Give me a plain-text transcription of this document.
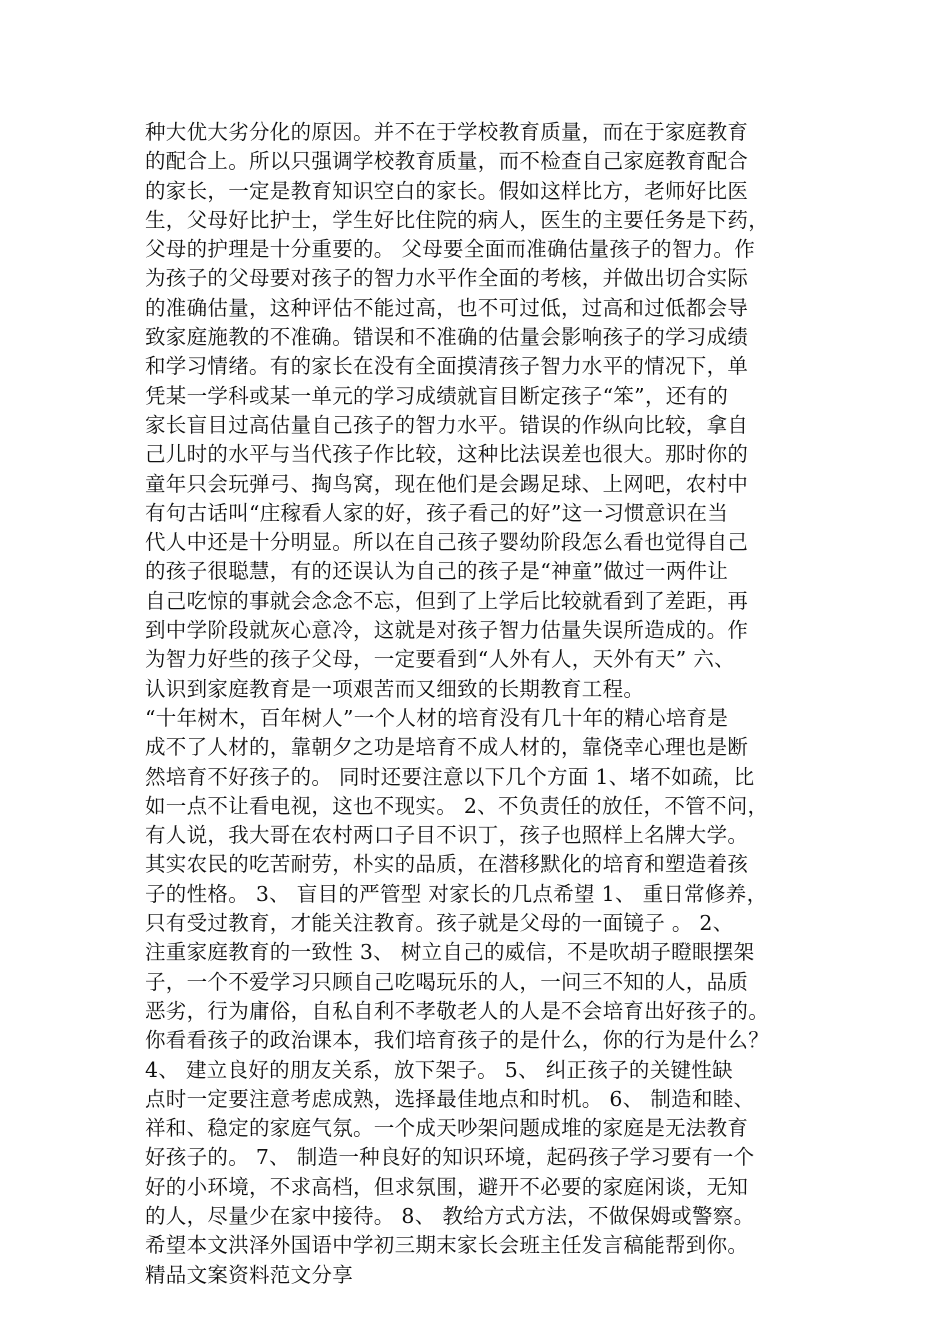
种大优大劣分化的原因。并不在于学校教育质量，而在于家庭教育
的配合上。所以只强调学校教育质量，而不检查自己家庭教育配合
的家长，一定是教育知识空白的家长。假如这样比方，老师好比医
生，父母好比护士，学生好比住院的病人，医生的主要任务是下药，
父母的护理是十分重要的。 父母要全面而准确估量孩子的智力。作
为孩子的父母要对孩子的智力水平作全面的考核，并做出切合实际
的准确估量，这种评估不能过高，也不可过低，过高和过低都会导
致家庭施教的不准确。错误和不准确的估量会影响孩子的学习成绩
和学习情绪。有的家长在没有全面摸清孩子智力水平的情况下，单
凭某一学科或某一单元的学习成绩就盲目断定孩子“笨”，还有的
家长盲目过高估量自己孩子的智力水平。错误的作纵向比较，拿自
己儿时的水平与当代孩子作比较，这种比法误差也很大。那时你的
童年只会玩弹弓、掏鸟窝，现在他们是会踢足球、上网吧，农村中
有句古话叫“庄稼看人家的好，孩子看己的好”这一习惯意识在当
代人中还是十分明显。所以在自己孩子婴幼阶段怎么看也觉得自己
的孩子很聪慧，有的还误认为自己的孩子是“神童”做过一两件让
自己吃惊的事就会念念不忘，但到了上学后比较就看到了差距，再
到中学阶段就灰心意冷，这就是对孩子智力估量失误所造成的。作
为智力好些的孩子父母，一定要看到“人外有人，天外有天” 六、
认识到家庭教育是一项艰苦而又细致的长期教育工程。
“十年树木，百年树人”一个人材的培育没有几十年的精心培育是
成不了人材的，靠朝夕之功是培育不成人材的，靠侥幸心理也是断
然培育不好孩子的。 同时还要注意以下几个方面 1、堵不如疏，比
如一点不让看电视，这也不现实。 2、不负责任的放任，不管不问，
有人说，我大哥在农村两口子目不识丁，孩子也照样上名牌大学。
其实农民的吃苦耐劳，朴实的品质，在潜移默化的培育和塑造着孩
子的性格。 3、 盲目的严管型 对家长的几点希望 1、 重日常修养，
只有受过教育，才能关注教育。孩子就是父母的一面镜子 。 2、
注重家庭教育的一致性 3、 树立自己的威信，不是吹胡子瞪眼摆架
子，一个不爱学习只顾自己吃喝玩乐的人，一问三不知的人，品质
恶劣，行为庸俗，自私自利不孝敬老人的人是不会培育出好孩子的。
你看看孩子的政治课本，我们培育孩子的是什么，你的行为是什么？
4、 建立良好的朋友关系，放下架子。 5、 纠正孩子的关键性缺
点时一定要注意考虑成熟，选择最佳地点和时机。 6、 制造和睦、
祥和、稳定的家庭气氛。一个成天吵架问题成堆的家庭是无法教育
好孩子的。 7、 制造一种良好的知识环境，起码孩子学习要有一个
好的小环境，不求高档，但求氛围，避开不必要的家庭闲谈，无知
的人，尽量少在家中接待。 8、 教给方式方法，不做保姆或警察。
希望本文洪泽外国语中学初三期末家长会班主任发言稿能帮到你。
精品文案资料范文分享
